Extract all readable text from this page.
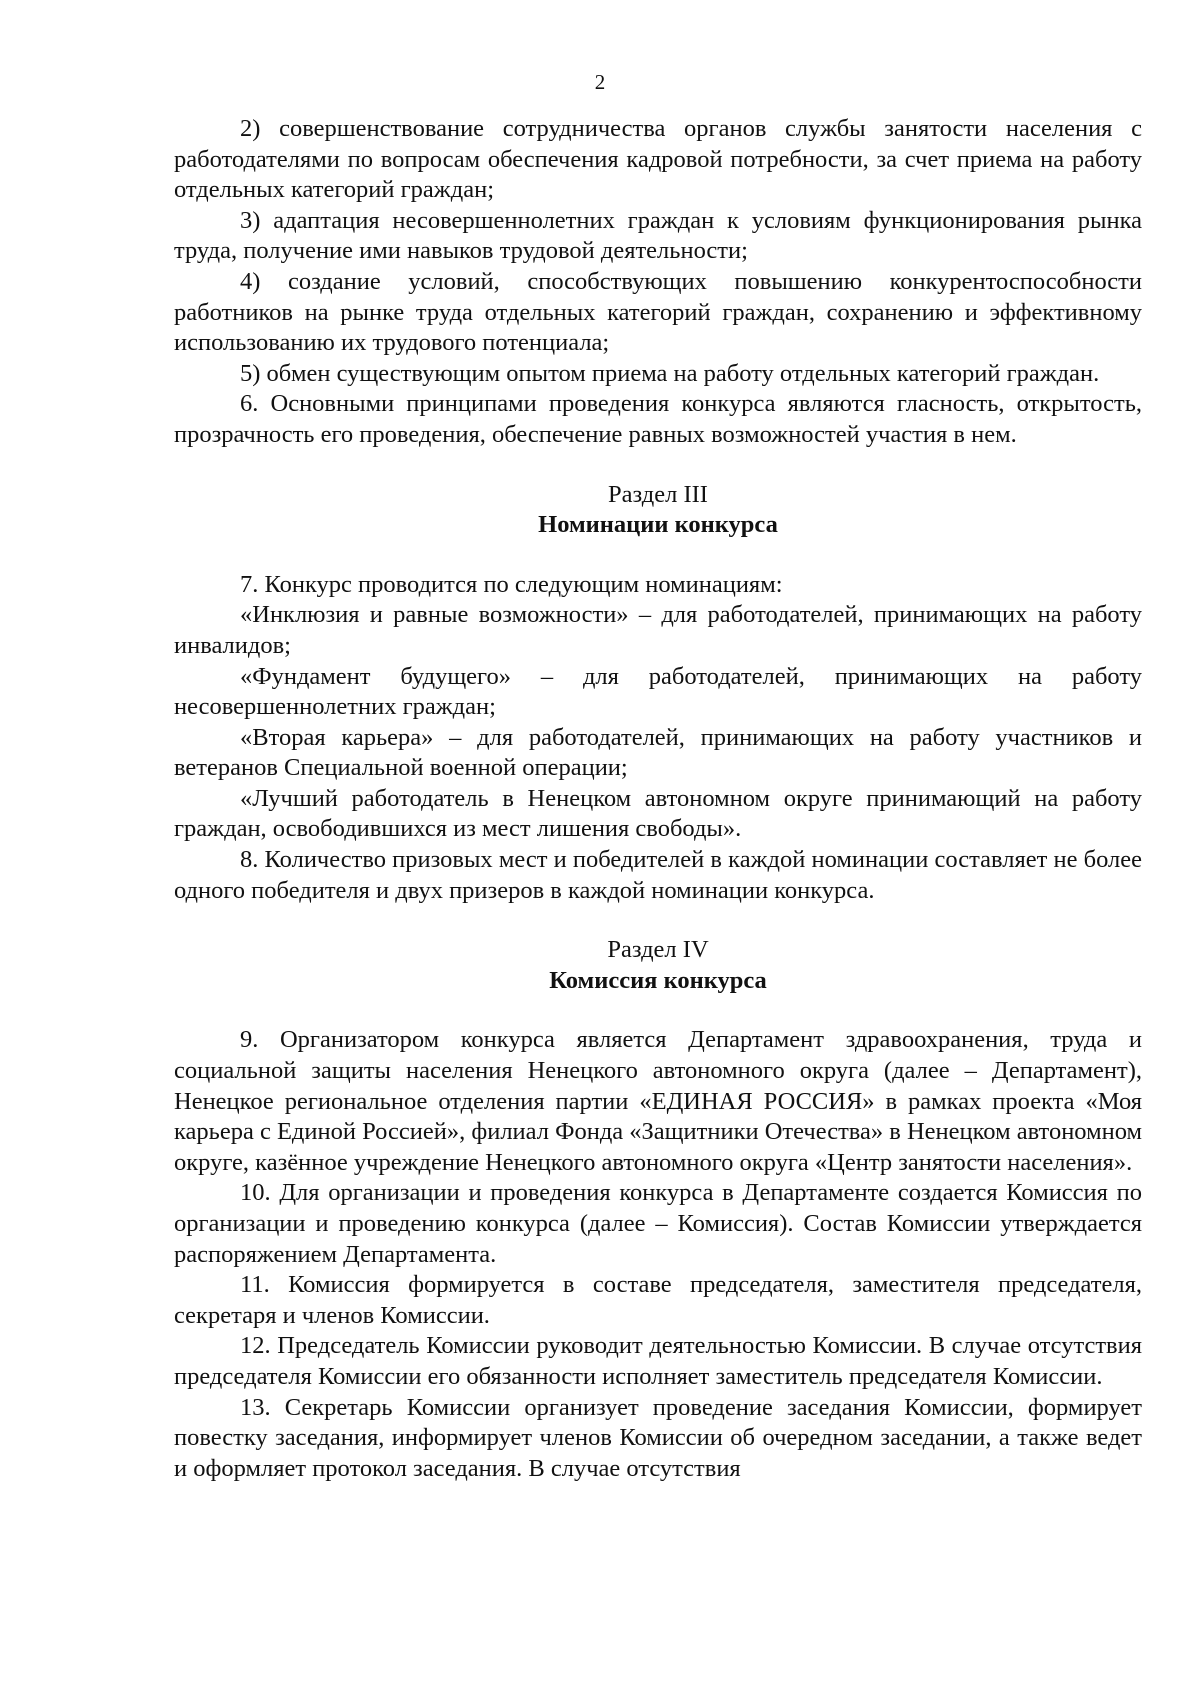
2

2) совершенствование сотрудничества органов службы занятости населения с работодателями по вопросам обеспечения кадровой потребности, за счет приема на работу отдельных категорий граждан;

3) адаптация несовершеннолетних граждан к условиям функционирования рынка труда, получение ими навыков трудовой деятельности;

4) создание условий, способствующих повышению конкурентоспособности работников на рынке труда отдельных категорий граждан, сохранению и эффективному использованию их трудового потенциала;

5) обмен существующим опытом приема на работу отдельных категорий граждан.

6. Основными принципами проведения конкурса являются гласность, открытость, прозрачность его проведения, обеспечение равных возможностей участия в нем.

Раздел III
Номинации конкурса

7. Конкурс проводится по следующим номинациям:

«Инклюзия и равные возможности» – для работодателей, принимающих на работу инвалидов;

«Фундамент будущего» – для работодателей, принимающих на работу несовершеннолетних граждан;

«Вторая карьера» – для работодателей, принимающих на работу участников и ветеранов Специальной военной операции;

«Лучший работодатель в Ненецком автономном округе принимающий на работу граждан, освободившихся из мест лишения свободы».

8. Количество призовых мест и победителей в каждой номинации составляет не более одного победителя и двух призеров в каждой номинации конкурса.

Раздел IV
Комиссия конкурса

9. Организатором конкурса является Департамент здравоохранения, труда и социальной защиты населения Ненецкого автономного округа (далее – Департамент), Ненецкое региональное отделения партии «ЕДИНАЯ РОССИЯ» в рамках проекта «Моя карьера с Единой Россией», филиал Фонда «Защитники Отечества» в Ненецком автономном округе, казённое учреждение Ненецкого автономного округа «Центр занятости населения».

10. Для организации и проведения конкурса в Департаменте создается Комиссия по организации и проведению конкурса (далее – Комиссия). Состав Комиссии утверждается распоряжением Департамента.

11. Комиссия формируется в составе председателя, заместителя председателя, секретаря и членов Комиссии.

12. Председатель Комиссии руководит деятельностью Комиссии. В случае отсутствия председателя Комиссии его обязанности исполняет заместитель председателя Комиссии.

13. Секретарь Комиссии организует проведение заседания Комиссии, формирует повестку заседания, информирует членов Комиссии об очередном заседании, а также ведет и оформляет протокол заседания. В случае отсутствия
